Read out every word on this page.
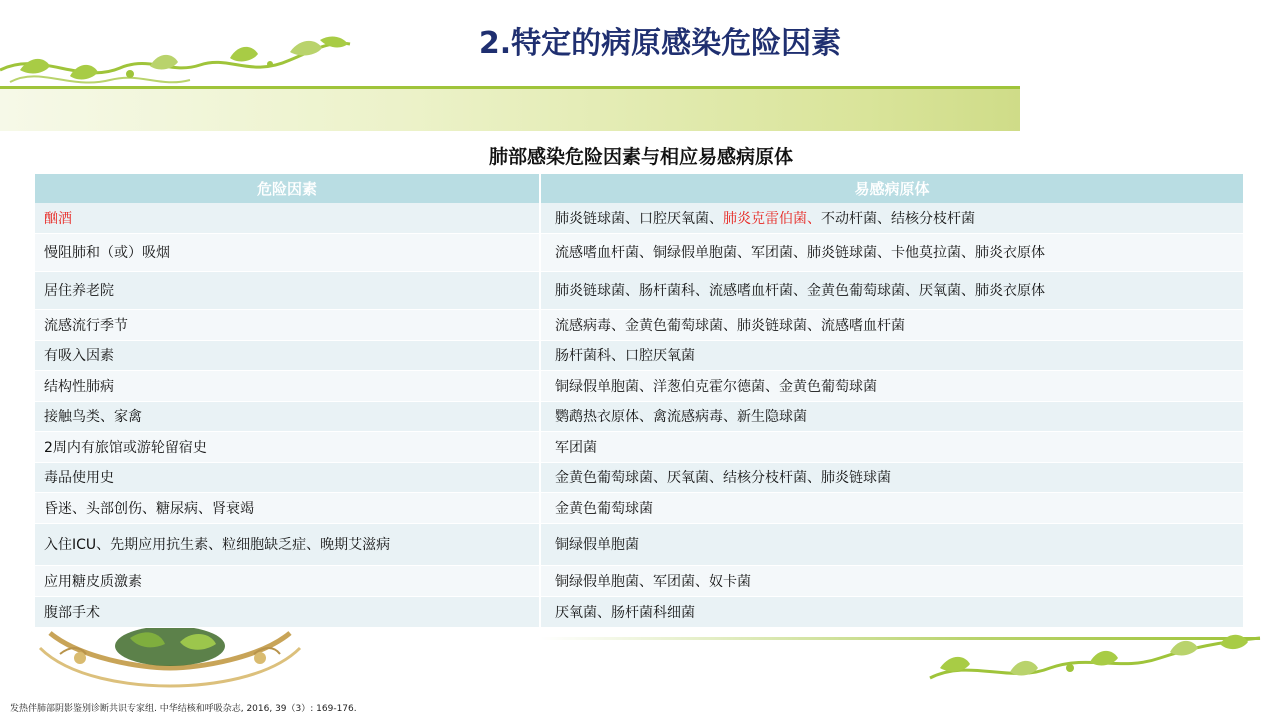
2.特定的病原感染危险因素
肺部感染危险因素与相应易感病原体
危险因素	易感病原体
酗酒	肺炎链球菌、口腔厌氧菌、肺炎克雷伯菌、不动杆菌、结核分枝杆菌
慢阻肺和（或）吸烟	流感嗜血杆菌、铜绿假单胞菌、军团菌、肺炎链球菌、卡他莫拉菌、肺炎衣原体
居住养老院	肺炎链球菌、肠杆菌科、流感嗜血杆菌、金黄色葡萄球菌、厌氧菌、肺炎衣原体
流感流行季节	流感病毒、金黄色葡萄球菌、肺炎链球菌、流感嗜血杆菌
有吸入因素	肠杆菌科、口腔厌氧菌
结构性肺病	铜绿假单胞菌、洋葱伯克霍尔德菌、金黄色葡萄球菌
接触鸟类、家禽	鹦鹉热衣原体、禽流感病毒、新生隐球菌
2周内有旅馆或游轮留宿史	军团菌
毒品使用史	金黄色葡萄球菌、厌氧菌、结核分枝杆菌、肺炎链球菌
昏迷、头部创伤、糖尿病、肾衰竭	金黄色葡萄球菌
入住ICU、先期应用抗生素、粒细胞缺乏症、晚期艾滋病	铜绿假单胞菌
应用糖皮质激素	铜绿假单胞菌、军团菌、奴卡菌
腹部手术	厌氧菌、肠杆菌科细菌
发热伴肺部阴影鉴别诊断共识专家组. 中华结核和呼吸杂志, 2016, 39（3）: 169-176.
